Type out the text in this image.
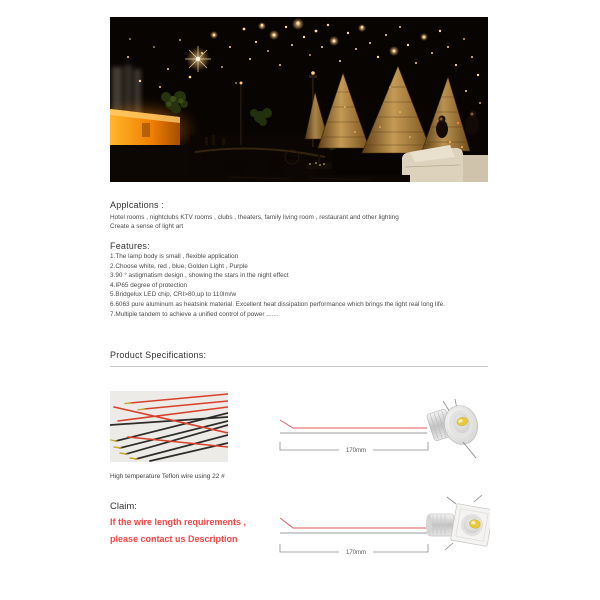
Applcations :
Hotel rooms , nightclubs KTV rooms , clubs , theaters, family living room , restaurant and other lighting
Create a sense of light art
Features:
1.The lamp body is small , flexible application
2.Choose white, red , blue, Golden Light , Purple
3.90 ° astigmatism design , showing the stars in the night effect
4.IP65 degree of protection
5.Bridgelux LED chip, CRI>80,up to 110lm/w
6.6063 pure aluminum as heatsink material. Excellent heat dissipation performance which brings the light real long life.
7.Multiple tandem to achieve a unified control of power .......
Product Specifications:
High temperature Teflon wire using 22 #
170mm
Claim:
If the wire length requirements ,
please contact us Description
170mm
